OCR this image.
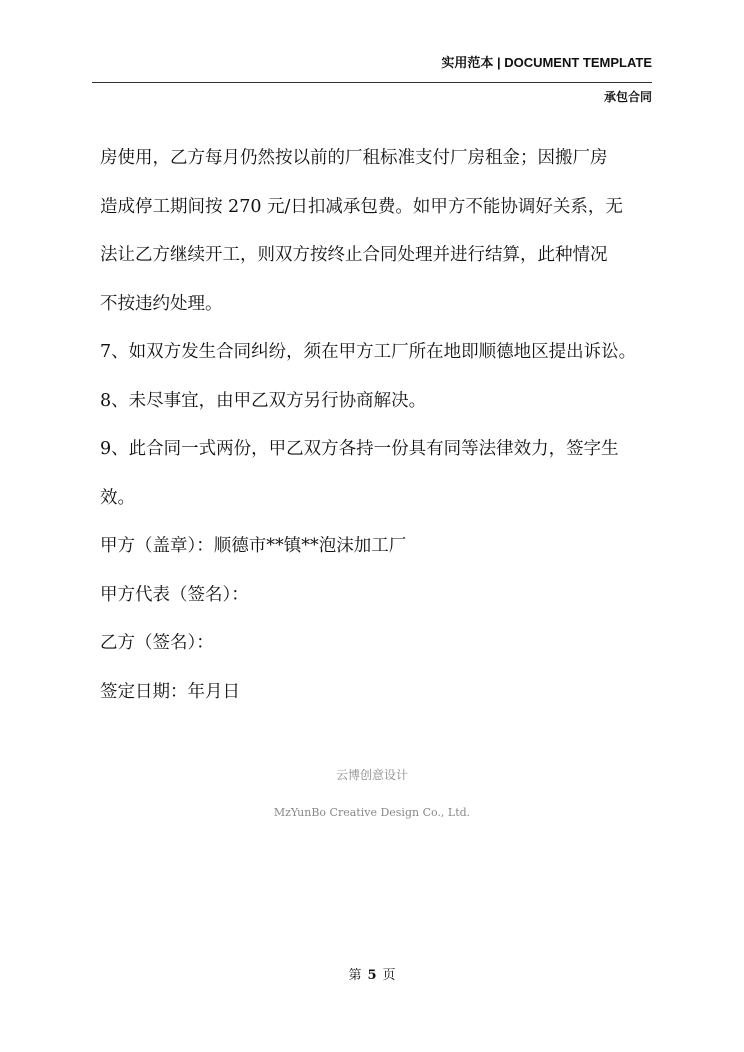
实用范本 | DOCUMENT TEMPLATE
承包合同

房使用，乙方每月仍然按以前的厂租标准支付厂房租金；因搬厂房

造成停工期间按 270 元/日扣减承包费。如甲方不能协调好关系，无

法让乙方继续开工，则双方按终止合同处理并进行结算，此种情况

不按违约处理。

7、如双方发生合同纠纷，须在甲方工厂所在地即顺德地区提出诉讼。

8、未尽事宜，由甲乙双方另行协商解决。

9、此合同一式两份，甲乙双方各持一份具有同等法律效力，签字生

效。

甲方（盖章）：顺德市**镇**泡沫加工厂

甲方代表（签名）：

乙方（签名）：

签定日期：年月日

云博创意设计
MzYunBo Creative Design Co., Ltd.
第 5 页
